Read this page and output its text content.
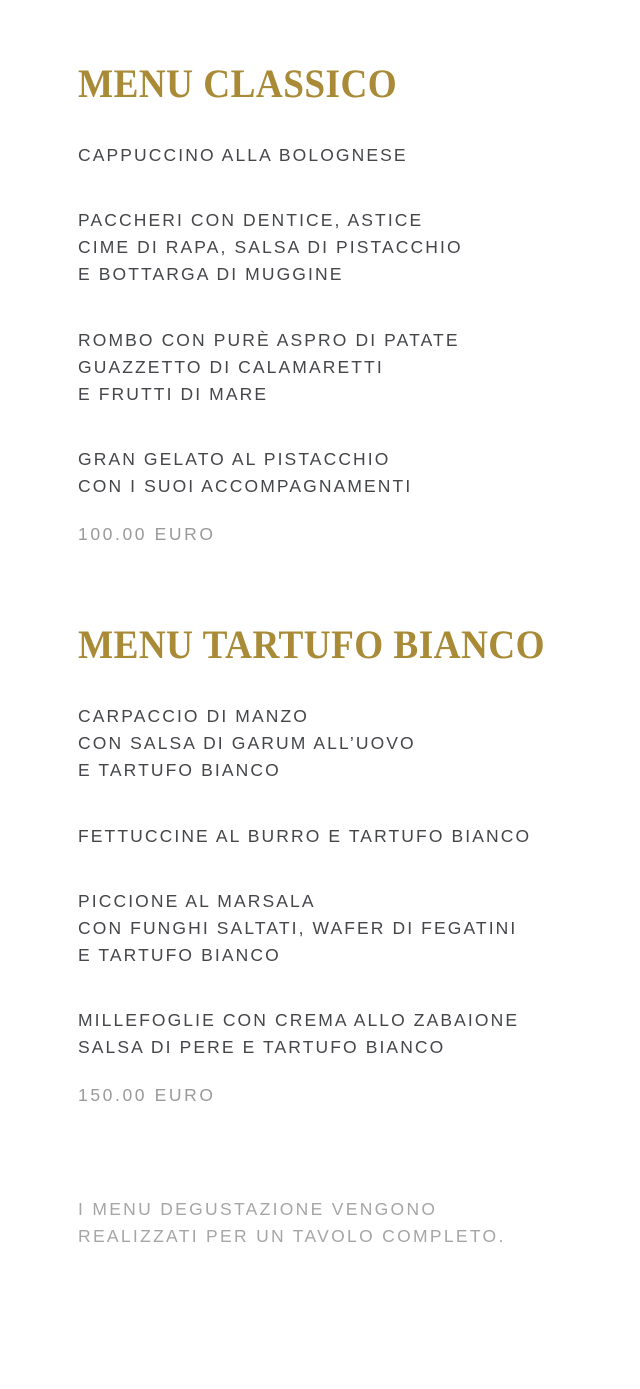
MENU CLASSICO
CAPPUCCINO ALLA BOLOGNESE
PACCHERI CON DENTICE, ASTICE
CIME DI RAPA, SALSA DI PISTACCHIO
E BOTTARGA DI MUGGINE
ROMBO CON PURÈ ASPRO DI PATATE
GUAZZETTO DI CALAMARETTI
E FRUTTI DI MARE
GRAN GELATO AL PISTACCHIO
CON I SUOI ACCOMPAGNAMENTI
100.00 EURO
MENU TARTUFO BIANCO
CARPACCIO DI MANZO
CON SALSA DI GARUM ALL’UOVO
E TARTUFO BIANCO
FETTUCCINE AL BURRO E TARTUFO BIANCO
PICCIONE AL MARSALA
CON FUNGHI SALTATI, WAFER DI FEGATINI
E TARTUFO BIANCO
MILLEFOGLIE CON CREMA ALLO ZABAIONE
SALSA DI PERE E TARTUFO BIANCO
150.00 EURO
I MENU DEGUSTAZIONE VENGONO
REALIZZATI PER UN TAVOLO COMPLETO.
